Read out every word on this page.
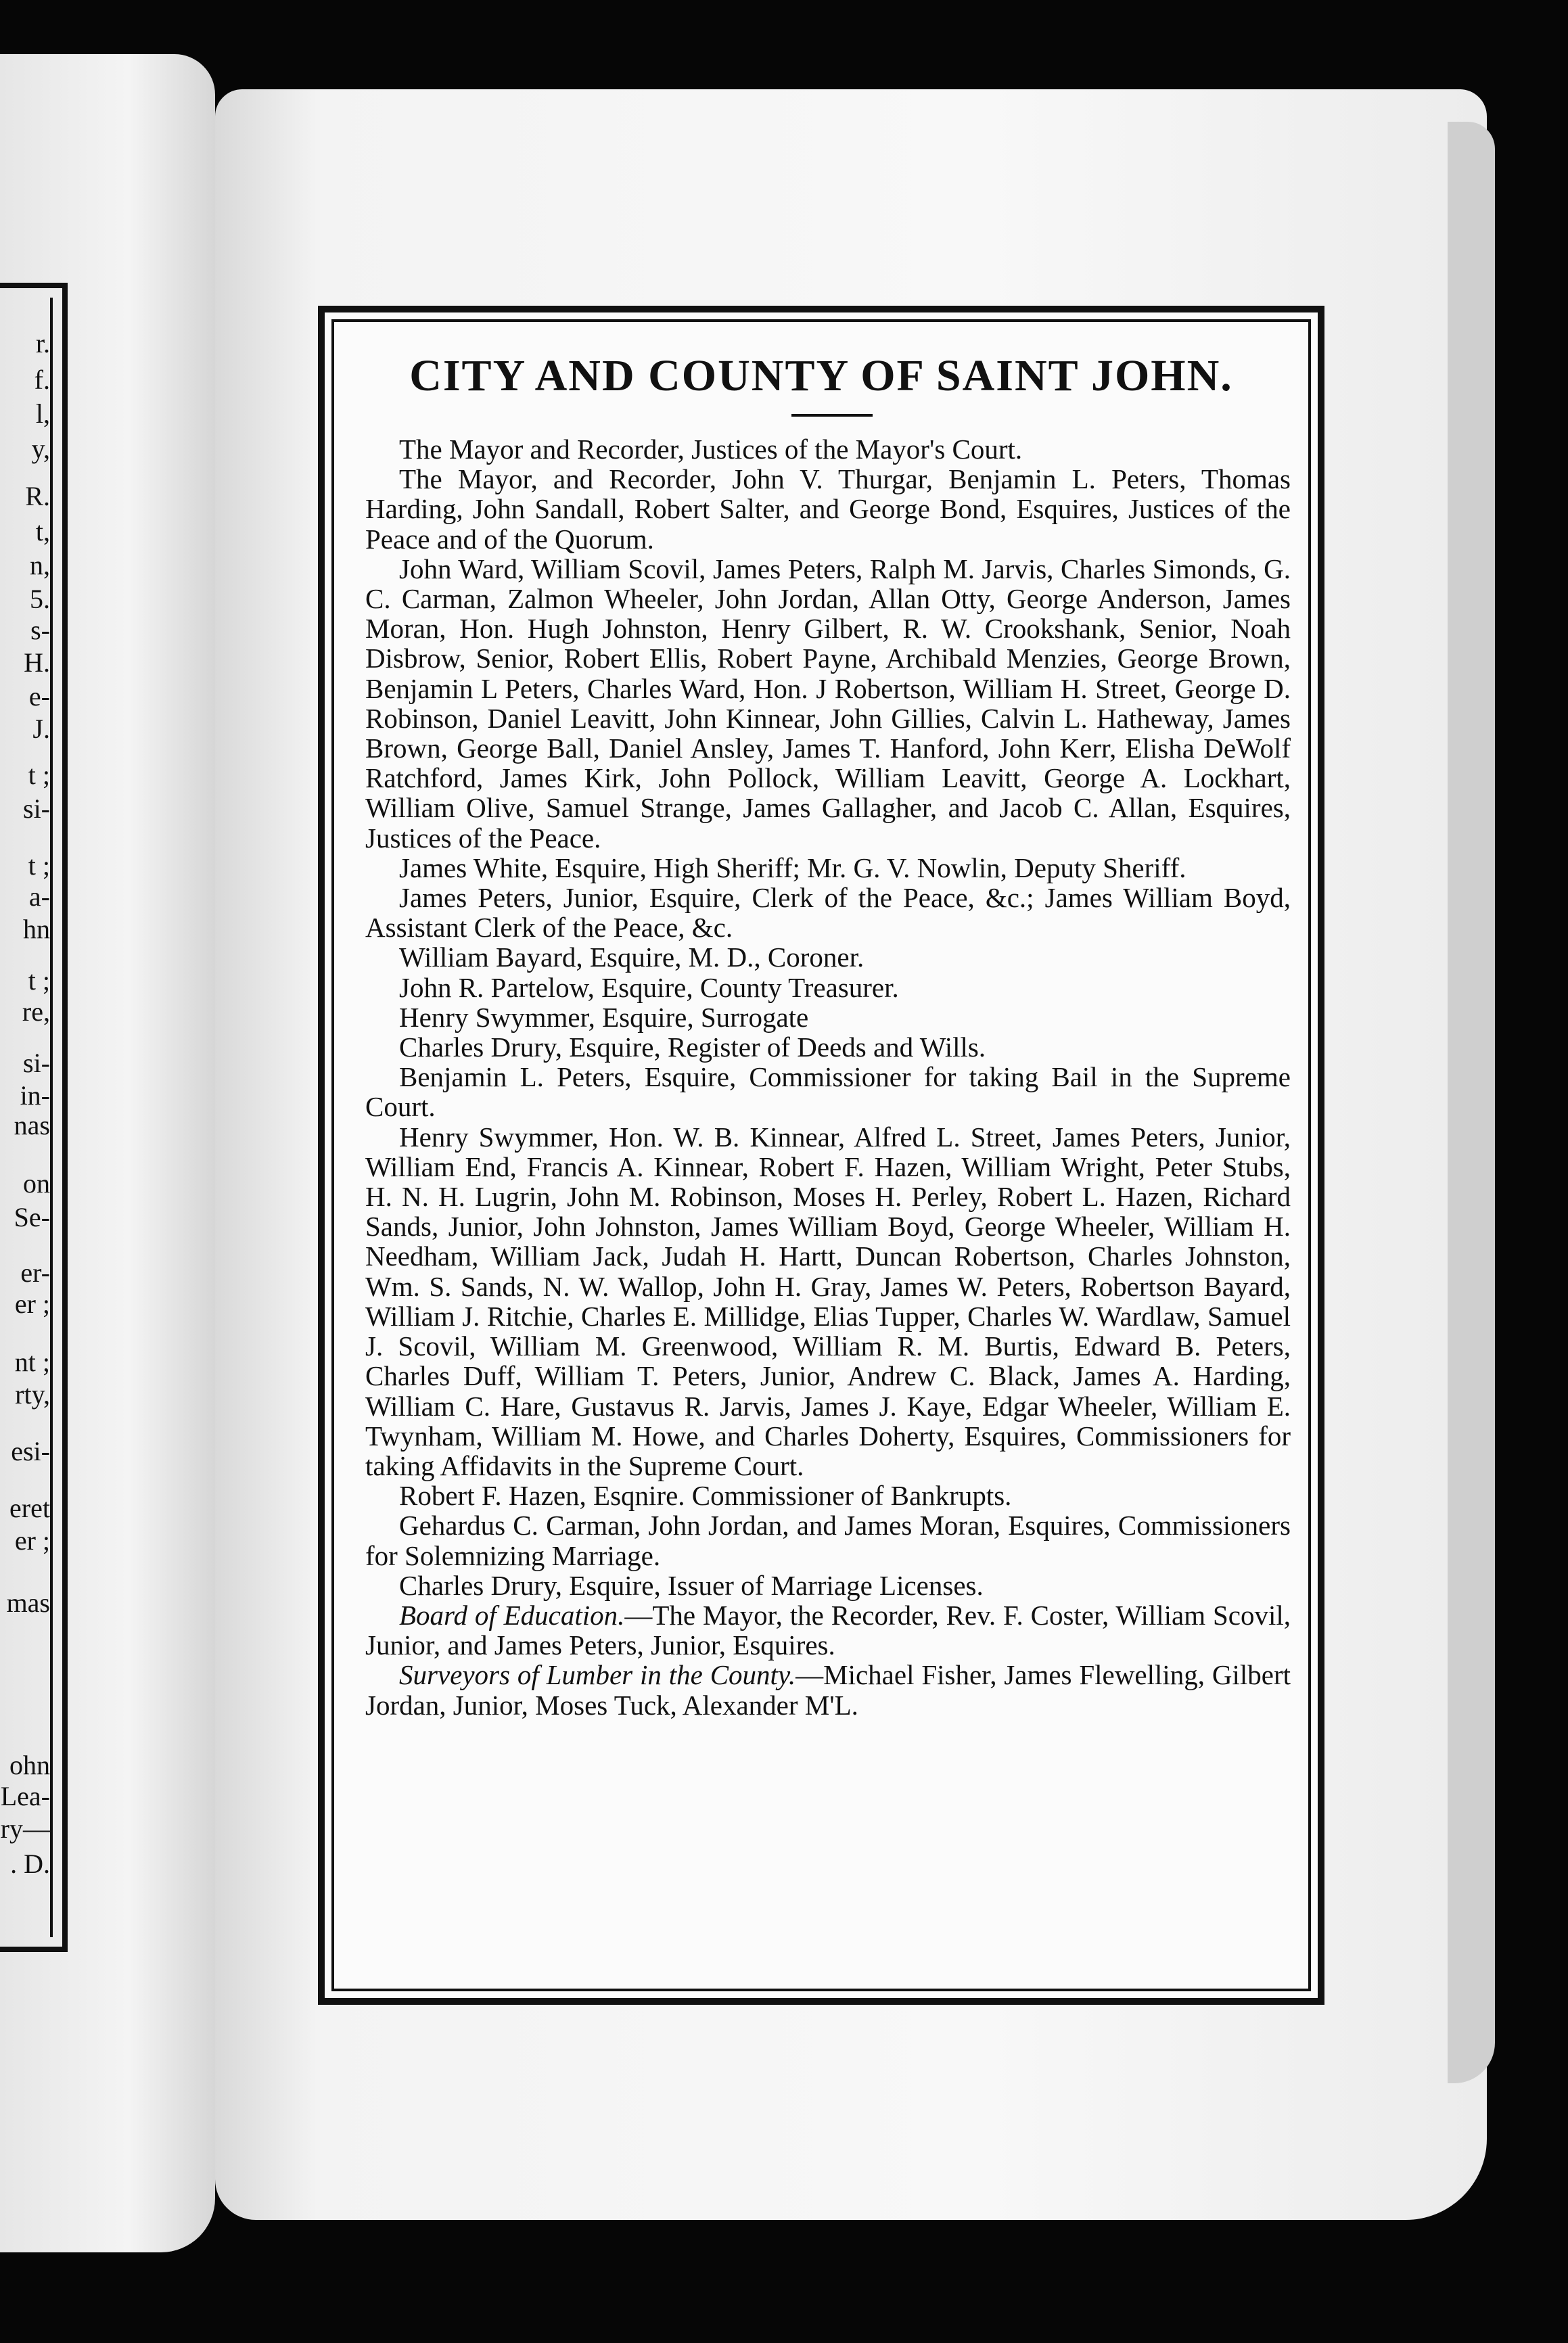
r.
f.
l,
y,
R.
t,
n,
5.
s-
H.
e-
J.
t ;
si-
t ;
a-
hn
t ;
re,
si-
in-
nas
on
Se-
er-
er ;
nt ;
rty,
esi-
eret
er ;
mas
ohn
Lea-
ry—
. D.
CITY AND COUNTY OF SAINT JOHN.

The Mayor and Recorder, Justices of the Mayor's Court.

The Mayor, and Recorder, John V. Thurgar, Benjamin L. Peters, Thomas Harding, John Sandall, Robert Salter, and George Bond, Esquires, Justices of the Peace and of the Quorum.

John Ward, William Scovil, James Peters, Ralph M. Jarvis, Charles Simonds, G. C. Carman, Zalmon Wheeler, John Jordan, Allan Otty, George Anderson, James Moran, Hon. Hugh Johnston, Henry Gilbert, R. W. Crookshank, Senior, Noah Disbrow, Senior, Robert Ellis, Robert Payne, Archibald Menzies, George Brown, Benjamin L Peters, Charles Ward, Hon. J Robertson, William H. Street, George D. Robinson, Daniel Leavitt, John Kinnear, John Gillies, Calvin L. Hatheway, James Brown, George Ball, Daniel Ansley, James T. Hanford, John Kerr, Elisha DeWolf Ratchford, James Kirk, John Pollock, William Leavitt, George A. Lockhart, William Olive, Samuel Strange, James Gallagher, and Jacob C. Allan, Esquires, Justices of the Peace.

James White, Esquire, High Sheriff; Mr. G. V. Nowlin, Deputy Sheriff.

James Peters, Junior, Esquire, Clerk of the Peace, &c.; James William Boyd, Assistant Clerk of the Peace, &c.

William Bayard, Esquire, M. D., Coroner.

John R. Partelow, Esquire, County Treasurer.

Henry Swymmer, Esquire, Surrogate

Charles Drury, Esquire, Register of Deeds and Wills.

Benjamin L. Peters, Esquire, Commissioner for taking Bail in the Supreme Court.

Henry Swymmer, Hon. W. B. Kinnear, Alfred L. Street, James Peters, Junior, William End, Francis A. Kinnear, Robert F. Hazen, William Wright, Peter Stubs, H. N. H. Lugrin, John M. Robinson, Moses H. Perley, Robert L. Hazen, Richard Sands, Junior, John Johnston, James William Boyd, George Wheeler, William H. Needham, William Jack, Judah H. Hartt, Duncan Robertson, Charles Johnston, Wm. S. Sands, N. W. Wallop, John H. Gray, James W. Peters, Robertson Bayard, William J. Ritchie, Charles E. Millidge, Elias Tupper, Charles W. Wardlaw, Samuel J. Scovil, William M. Greenwood, William R. M. Burtis, Edward B. Peters, Charles Duff, William T. Peters, Junior, Andrew C. Black, James A. Harding, William C. Hare, Gustavus R. Jarvis, James J. Kaye, Edgar Wheeler, William E. Twynham, William M. Howe, and Charles Doherty, Esquires, Commissioners for taking Affidavits in the Supreme Court.

Robert F. Hazen, Esqnire. Commissioner of Bankrupts.

Gehardus C. Carman, John Jordan, and James Moran, Esquires, Commissioners for Solemnizing Marriage.

Charles Drury, Esquire, Issuer of Marriage Licenses.

Board of Education.—The Mayor, the Recorder, Rev. F. Coster, William Scovil, Junior, and James Peters, Junior, Esquires.

Surveyors of Lumber in the County.—Michael Fisher, James Flewelling, Gilbert Jordan, Junior, Moses Tuck, Alexander M'L.
